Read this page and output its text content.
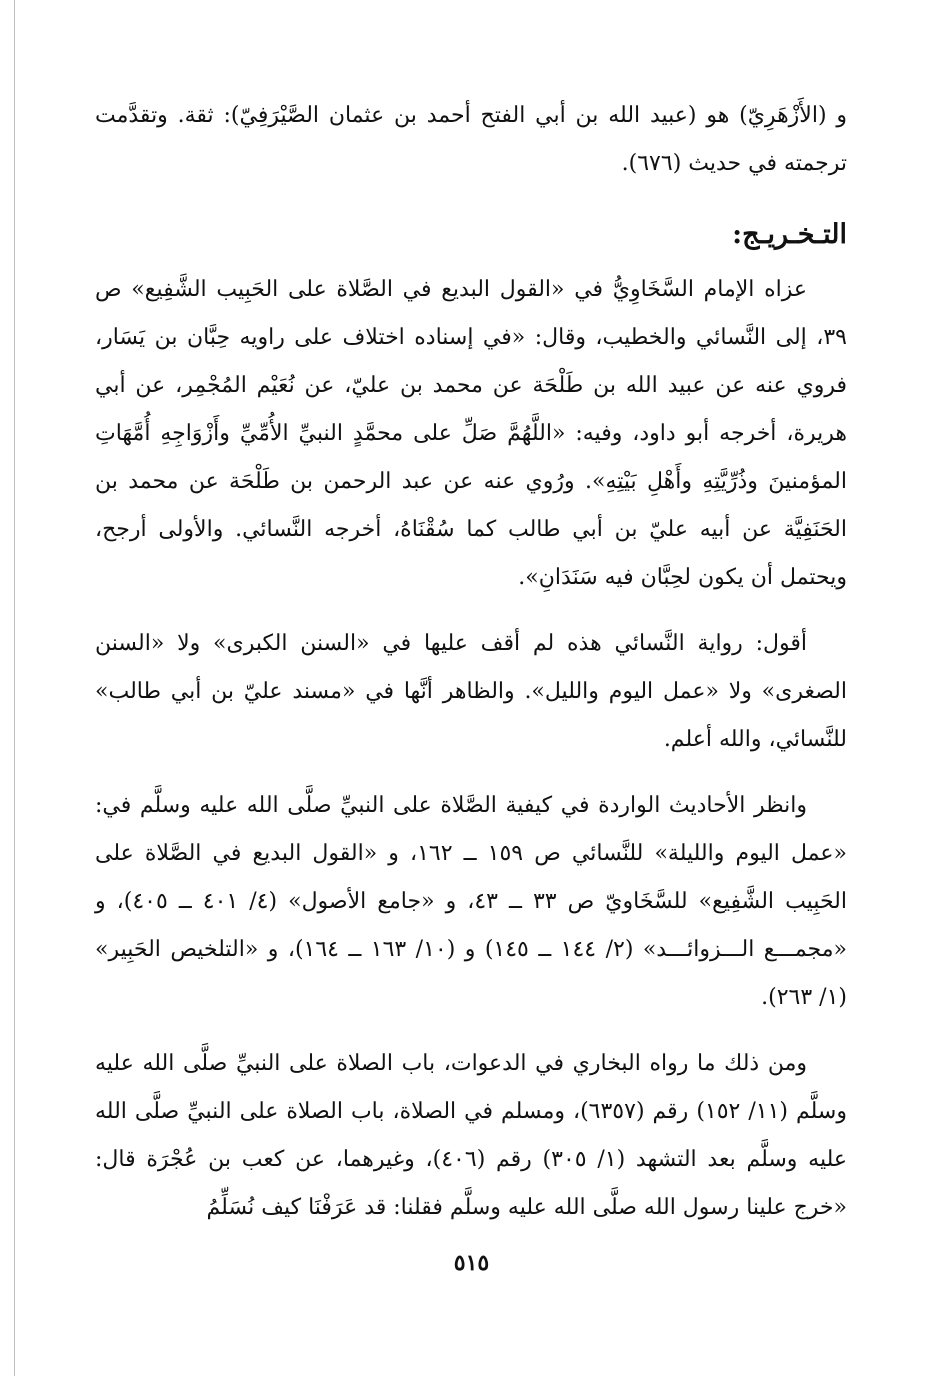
و (الأَزْهَرِيّ) هو (عبيد الله بن أبي الفتح أحمد بن عثمان الصَّيْرَفِيّ): ثقة. وتقدَّمت ترجمته في حديث (٦٧٦).

التـخـريـج:

عزاه الإمام السَّخَاوِيُّ في «القول البديع في الصَّلاة على الحَبِيب الشَّفِيع» ص ٣٩، إلى النَّسائي والخطيب، وقال: «في إسناده اختلاف على راويه حِبَّان بن يَسَار، فروي عنه عن عبيد الله بن طَلْحَة عن محمد بن عليّ، عن نُعَيْم المُجْمِر، عن أبي هريرة، أخرجه أبو داود، وفيه: «اللَّهُمَّ صَلِّ على محمَّدٍ النبيِّ الأُمِّيِّ وأَزْوَاجِهِ أُمَّهَاتِ المؤمنينَ وذُرِّيَّتِهِ وأَهْلِ بَيْتِهِ». ورُوي عنه عن عبد الرحمن بن طَلْحَة عن محمد بن الحَنَفِيَّة عن أبيه عليّ بن أبي طالب كما سُقْنَاهُ، أخرجه النَّسائي. والأولى أرجح، ويحتمل أن يكون لحِبَّان فيه سَنَدَانِ».

أقول: رواية النَّسائي هذه لم أقف عليها في «السنن الكبرى» ولا «السنن الصغرى» ولا «عمل اليوم والليل». والظاهر أنَّها في «مسند عليّ بن أبي طالب» للنَّسائي، والله أعلم.

وانظر الأحاديث الواردة في كيفية الصَّلاة على النبيِّ صلَّى الله عليه وسلَّم في: «عمل اليوم والليلة» للنَّسائي ص ١٥٩ ــ ١٦٢، و «القول البديع في الصَّلاة على الحَبِيب الشَّفِيع» للسَّخَاويّ ص ٣٣ ــ ٤٣، و «جامع الأصول» (٤/ ٤٠١ ــ ٤٠٥)، و «مجمـــع الـــزوائـــد» (٢/ ١٤٤ ــ ١٤٥) و (١٠/ ١٦٣ ــ ١٦٤)، و «التلخيص الحَبِير» (١/ ٢٦٣).

ومن ذلك ما رواه البخاري في الدعوات، باب الصلاة على النبيِّ صلَّى الله عليه وسلَّم (١١/ ١٥٢) رقم (٦٣٥٧)، ومسلم في الصلاة، باب الصلاة على النبيِّ صلَّى الله عليه وسلَّم بعد التشهد (١/ ٣٠٥) رقم (٤٠٦)، وغيرهما، عن كعب بن عُجْرَة قال: «خرج علينا رسول الله صلَّى الله عليه وسلَّم فقلنا: قد عَرَفْنَا كيف نُسَلِّمُ

٥١٥
